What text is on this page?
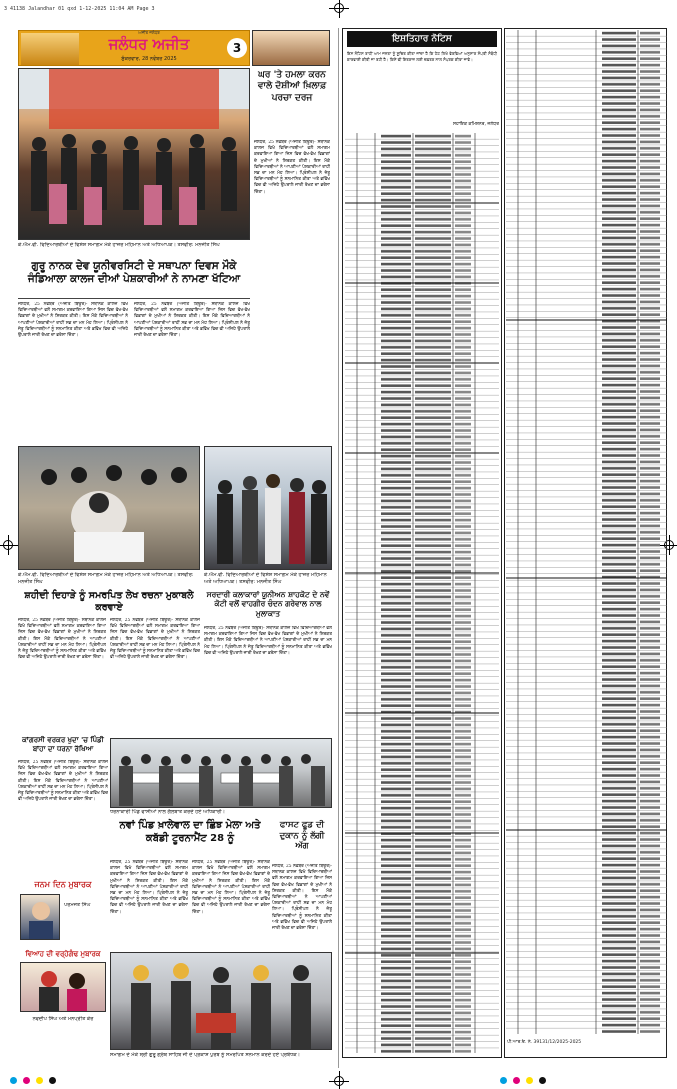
3 41138 Jalandhar 01 qxd 1-12-2025 11:04 AM Page 3
ਜਲੰਧਰ ਅਜੀਤ
ਸ਼ੁੱਕਰਵਾਰ, 28 ਨਵੰਬਰ 2025
ਅਜੀਤ ਜਲੰਧਰ
3
ਕੇ.ਐਮ.ਵੀ. ਵਿਦਿਆਰਥੀਆਂ ਦੇ ਵਿਸ਼ੇਸ਼ ਸਮਾਗਮ ਮੌਕੇ ਹਾਜ਼ਰ ਮਹਿਮਾਨ ਅਤੇ ਅਧਿਆਪਕ। ਤਸਵੀਰ: ਮਨਜੀਤ ਸਿੰਘ
ਘਰ 'ਤੇ ਹਮਲਾ ਕਰਨ ਵਾਲੇ ਦੋਸ਼ੀਆਂ ਖ਼ਿਲਾਫ਼ ਪਰਚਾ ਦਰਜ
ਜਲੰਧਰ, 25 ਨਵੰਬਰ (ਅਜੀਤ ਬਿਊਰੋ)- ਸਥਾਨਕ ਕਾਲਜ ਵਿਖੇ ਵਿਦਿਆਰਥੀਆਂ ਵਲੋਂ ਸਮਾਗਮ ਕਰਵਾਇਆ ਗਿਆ ਜਿਸ ਵਿਚ ਵੱਖ-ਵੱਖ ਵਿਭਾਗਾਂ ਦੇ ਮੁਖੀਆਂ ਨੇ ਸ਼ਿਰਕਤ ਕੀਤੀ। ਇਸ ਮੌਕੇ ਵਿਦਿਆਰਥੀਆਂ ਨੇ ਆਪਣੀਆਂ ਪੇਸ਼ਕਾਰੀਆਂ ਰਾਹੀਂ ਸਭ ਦਾ ਮਨ ਮੋਹ ਲਿਆ। ਪ੍ਰਿੰਸੀਪਲ ਨੇ ਜੇਤੂ ਵਿਦਿਆਰਥੀਆਂ ਨੂੰ ਸਨਮਾਨਿਤ ਕੀਤਾ ਅਤੇ ਭਵਿੱਖ ਵਿਚ ਵੀ ਅਜਿਹੇ ਉਪਰਾਲੇ ਜਾਰੀ ਰੱਖਣ ਦਾ ਭਰੋਸਾ ਦਿੱਤਾ।
ਗੁਰੂ ਨਾਨਕ ਦੇਵ ਯੂਨੀਵਰਸਿਟੀ ਦੇ ਸਥਾਪਨਾ ਦਿਵਸ ਮੌਕੇ ਜੰਡਿਆਲਾ ਕਾਲਜ ਦੀਆਂ ਪੇਸ਼ਕਾਰੀਆਂ ਨੇ ਨਾਮਣਾ ਖੱਟਿਆ
ਜਲੰਧਰ, 25 ਨਵੰਬਰ (ਅਜੀਤ ਬਿਊਰੋ)- ਸਥਾਨਕ ਕਾਲਜ ਵਿਖੇ ਵਿਦਿਆਰਥੀਆਂ ਵਲੋਂ ਸਮਾਗਮ ਕਰਵਾਇਆ ਗਿਆ ਜਿਸ ਵਿਚ ਵੱਖ-ਵੱਖ ਵਿਭਾਗਾਂ ਦੇ ਮੁਖੀਆਂ ਨੇ ਸ਼ਿਰਕਤ ਕੀਤੀ। ਇਸ ਮੌਕੇ ਵਿਦਿਆਰਥੀਆਂ ਨੇ ਆਪਣੀਆਂ ਪੇਸ਼ਕਾਰੀਆਂ ਰਾਹੀਂ ਸਭ ਦਾ ਮਨ ਮੋਹ ਲਿਆ। ਪ੍ਰਿੰਸੀਪਲ ਨੇ ਜੇਤੂ ਵਿਦਿਆਰਥੀਆਂ ਨੂੰ ਸਨਮਾਨਿਤ ਕੀਤਾ ਅਤੇ ਭਵਿੱਖ ਵਿਚ ਵੀ ਅਜਿਹੇ ਉਪਰਾਲੇ ਜਾਰੀ ਰੱਖਣ ਦਾ ਭਰੋਸਾ ਦਿੱਤਾ।
ਜਲੰਧਰ, 25 ਨਵੰਬਰ (ਅਜੀਤ ਬਿਊਰੋ)- ਸਥਾਨਕ ਕਾਲਜ ਵਿਖੇ ਵਿਦਿਆਰਥੀਆਂ ਵਲੋਂ ਸਮਾਗਮ ਕਰਵਾਇਆ ਗਿਆ ਜਿਸ ਵਿਚ ਵੱਖ-ਵੱਖ ਵਿਭਾਗਾਂ ਦੇ ਮੁਖੀਆਂ ਨੇ ਸ਼ਿਰਕਤ ਕੀਤੀ। ਇਸ ਮੌਕੇ ਵਿਦਿਆਰਥੀਆਂ ਨੇ ਆਪਣੀਆਂ ਪੇਸ਼ਕਾਰੀਆਂ ਰਾਹੀਂ ਸਭ ਦਾ ਮਨ ਮੋਹ ਲਿਆ। ਪ੍ਰਿੰਸੀਪਲ ਨੇ ਜੇਤੂ ਵਿਦਿਆਰਥੀਆਂ ਨੂੰ ਸਨਮਾਨਿਤ ਕੀਤਾ ਅਤੇ ਭਵਿੱਖ ਵਿਚ ਵੀ ਅਜਿਹੇ ਉਪਰਾਲੇ ਜਾਰੀ ਰੱਖਣ ਦਾ ਭਰੋਸਾ ਦਿੱਤਾ।
ਕੇ.ਐਮ.ਵੀ. ਵਿਦਿਆਰਥੀਆਂ ਦੇ ਵਿਸ਼ੇਸ਼ ਸਮਾਗਮ ਮੌਕੇ ਹਾਜ਼ਰ ਮਹਿਮਾਨ ਅਤੇ ਅਧਿਆਪਕ। ਤਸਵੀਰ: ਮਨਜੀਤ ਸਿੰਘ
ਕੇ.ਐਮ.ਵੀ. ਵਿਦਿਆਰਥੀਆਂ ਦੇ ਵਿਸ਼ੇਸ਼ ਸਮਾਗਮ ਮੌਕੇ ਹਾਜ਼ਰ ਮਹਿਮਾਨ ਅਤੇ ਅਧਿਆਪਕ। ਤਸਵੀਰ: ਮਨਜੀਤ ਸਿੰਘ
ਸ਼ਹੀਦੀ ਦਿਹਾੜੇ ਨੂੰ ਸਮਰਪਿਤ ਲੇਖ ਰਚਨਾ ਮੁਕਾਬਲੇ ਕਰਵਾਏ
ਜਲੰਧਰ, 25 ਨਵੰਬਰ (ਅਜੀਤ ਬਿਊਰੋ)- ਸਥਾਨਕ ਕਾਲਜ ਵਿਖੇ ਵਿਦਿਆਰਥੀਆਂ ਵਲੋਂ ਸਮਾਗਮ ਕਰਵਾਇਆ ਗਿਆ ਜਿਸ ਵਿਚ ਵੱਖ-ਵੱਖ ਵਿਭਾਗਾਂ ਦੇ ਮੁਖੀਆਂ ਨੇ ਸ਼ਿਰਕਤ ਕੀਤੀ। ਇਸ ਮੌਕੇ ਵਿਦਿਆਰਥੀਆਂ ਨੇ ਆਪਣੀਆਂ ਪੇਸ਼ਕਾਰੀਆਂ ਰਾਹੀਂ ਸਭ ਦਾ ਮਨ ਮੋਹ ਲਿਆ। ਪ੍ਰਿੰਸੀਪਲ ਨੇ ਜੇਤੂ ਵਿਦਿਆਰਥੀਆਂ ਨੂੰ ਸਨਮਾਨਿਤ ਕੀਤਾ ਅਤੇ ਭਵਿੱਖ ਵਿਚ ਵੀ ਅਜਿਹੇ ਉਪਰਾਲੇ ਜਾਰੀ ਰੱਖਣ ਦਾ ਭਰੋਸਾ ਦਿੱਤਾ।
ਜਲੰਧਰ, 25 ਨਵੰਬਰ (ਅਜੀਤ ਬਿਊਰੋ)- ਸਥਾਨਕ ਕਾਲਜ ਵਿਖੇ ਵਿਦਿਆਰਥੀਆਂ ਵਲੋਂ ਸਮਾਗਮ ਕਰਵਾਇਆ ਗਿਆ ਜਿਸ ਵਿਚ ਵੱਖ-ਵੱਖ ਵਿਭਾਗਾਂ ਦੇ ਮੁਖੀਆਂ ਨੇ ਸ਼ਿਰਕਤ ਕੀਤੀ। ਇਸ ਮੌਕੇ ਵਿਦਿਆਰਥੀਆਂ ਨੇ ਆਪਣੀਆਂ ਪੇਸ਼ਕਾਰੀਆਂ ਰਾਹੀਂ ਸਭ ਦਾ ਮਨ ਮੋਹ ਲਿਆ। ਪ੍ਰਿੰਸੀਪਲ ਨੇ ਜੇਤੂ ਵਿਦਿਆਰਥੀਆਂ ਨੂੰ ਸਨਮਾਨਿਤ ਕੀਤਾ ਅਤੇ ਭਵਿੱਖ ਵਿਚ ਵੀ ਅਜਿਹੇ ਉਪਰਾਲੇ ਜਾਰੀ ਰੱਖਣ ਦਾ ਭਰੋਸਾ ਦਿੱਤਾ।
ਸਰਦਾਰੀ ਕਲਾਕਾਰਾਂ ਯੂਨੀਅਨ ਸ਼ਾਹਕੋਟ ਦੇ ਨਵੇਂ ਕੋਟੀ ਵਲੋਂ ਵਾਹਗੀਰ ਚੰਦਨ ਗਰੇਵਾਲ ਨਾਲ ਮੁਲਾਕਾਤ
ਜਲੰਧਰ, 25 ਨਵੰਬਰ (ਅਜੀਤ ਬਿਊਰੋ)- ਸਥਾਨਕ ਕਾਲਜ ਵਿਖੇ ਵਿਦਿਆਰਥੀਆਂ ਵਲੋਂ ਸਮਾਗਮ ਕਰਵਾਇਆ ਗਿਆ ਜਿਸ ਵਿਚ ਵੱਖ-ਵੱਖ ਵਿਭਾਗਾਂ ਦੇ ਮੁਖੀਆਂ ਨੇ ਸ਼ਿਰਕਤ ਕੀਤੀ। ਇਸ ਮੌਕੇ ਵਿਦਿਆਰਥੀਆਂ ਨੇ ਆਪਣੀਆਂ ਪੇਸ਼ਕਾਰੀਆਂ ਰਾਹੀਂ ਸਭ ਦਾ ਮਨ ਮੋਹ ਲਿਆ। ਪ੍ਰਿੰਸੀਪਲ ਨੇ ਜੇਤੂ ਵਿਦਿਆਰਥੀਆਂ ਨੂੰ ਸਨਮਾਨਿਤ ਕੀਤਾ ਅਤੇ ਭਵਿੱਖ ਵਿਚ ਵੀ ਅਜਿਹੇ ਉਪਰਾਲੇ ਜਾਰੀ ਰੱਖਣ ਦਾ ਭਰੋਸਾ ਦਿੱਤਾ।
ਕਾਂਗਰਸੀ ਵਰਕਰ ਖੁਦਾ 'ਚ ਪਿੰਡੀ ਬਾਂਹਾ ਦਾ ਧਰਨਾ ਰੱਖਿਆ
ਜਲੰਧਰ, 25 ਨਵੰਬਰ (ਅਜੀਤ ਬਿਊਰੋ)- ਸਥਾਨਕ ਕਾਲਜ ਵਿਖੇ ਵਿਦਿਆਰਥੀਆਂ ਵਲੋਂ ਸਮਾਗਮ ਕਰਵਾਇਆ ਗਿਆ ਜਿਸ ਵਿਚ ਵੱਖ-ਵੱਖ ਵਿਭਾਗਾਂ ਦੇ ਮੁਖੀਆਂ ਨੇ ਸ਼ਿਰਕਤ ਕੀਤੀ। ਇਸ ਮੌਕੇ ਵਿਦਿਆਰਥੀਆਂ ਨੇ ਆਪਣੀਆਂ ਪੇਸ਼ਕਾਰੀਆਂ ਰਾਹੀਂ ਸਭ ਦਾ ਮਨ ਮੋਹ ਲਿਆ। ਪ੍ਰਿੰਸੀਪਲ ਨੇ ਜੇਤੂ ਵਿਦਿਆਰਥੀਆਂ ਨੂੰ ਸਨਮਾਨਿਤ ਕੀਤਾ ਅਤੇ ਭਵਿੱਖ ਵਿਚ ਵੀ ਅਜਿਹੇ ਉਪਰਾਲੇ ਜਾਰੀ ਰੱਖਣ ਦਾ ਭਰੋਸਾ ਦਿੱਤਾ।
ਧਰਨਾਕਾਰੀ ਪਿੰਡ ਵਾਸੀਆਂ ਨਾਲ ਗੱਲਬਾਤ ਕਰਦੇ ਹੋਏ ਅਧਿਕਾਰੀ।
ਨਵਾਂ ਪਿੰਡ ਖ਼ਾਲੇਵਾਲ ਦਾ ਛਿੰਝ ਮੇਲਾ ਅਤੇ ਕਬੱਡੀ ਟੂਰਨਾਮੈਂਟ 28 ਨੂੰ
ਫਾਸਟ ਫੂਡ ਦੀ ਦੁਕਾਨ ਨੂੰ ਲੱਗੀ ਅੱਗ
ਜਲੰਧਰ, 25 ਨਵੰਬਰ (ਅਜੀਤ ਬਿਊਰੋ)- ਸਥਾਨਕ ਕਾਲਜ ਵਿਖੇ ਵਿਦਿਆਰਥੀਆਂ ਵਲੋਂ ਸਮਾਗਮ ਕਰਵਾਇਆ ਗਿਆ ਜਿਸ ਵਿਚ ਵੱਖ-ਵੱਖ ਵਿਭਾਗਾਂ ਦੇ ਮੁਖੀਆਂ ਨੇ ਸ਼ਿਰਕਤ ਕੀਤੀ। ਇਸ ਮੌਕੇ ਵਿਦਿਆਰਥੀਆਂ ਨੇ ਆਪਣੀਆਂ ਪੇਸ਼ਕਾਰੀਆਂ ਰਾਹੀਂ ਸਭ ਦਾ ਮਨ ਮੋਹ ਲਿਆ। ਪ੍ਰਿੰਸੀਪਲ ਨੇ ਜੇਤੂ ਵਿਦਿਆਰਥੀਆਂ ਨੂੰ ਸਨਮਾਨਿਤ ਕੀਤਾ ਅਤੇ ਭਵਿੱਖ ਵਿਚ ਵੀ ਅਜਿਹੇ ਉਪਰਾਲੇ ਜਾਰੀ ਰੱਖਣ ਦਾ ਭਰੋਸਾ ਦਿੱਤਾ।
ਜਲੰਧਰ, 25 ਨਵੰਬਰ (ਅਜੀਤ ਬਿਊਰੋ)- ਸਥਾਨਕ ਕਾਲਜ ਵਿਖੇ ਵਿਦਿਆਰਥੀਆਂ ਵਲੋਂ ਸਮਾਗਮ ਕਰਵਾਇਆ ਗਿਆ ਜਿਸ ਵਿਚ ਵੱਖ-ਵੱਖ ਵਿਭਾਗਾਂ ਦੇ ਮੁਖੀਆਂ ਨੇ ਸ਼ਿਰਕਤ ਕੀਤੀ। ਇਸ ਮੌਕੇ ਵਿਦਿਆਰਥੀਆਂ ਨੇ ਆਪਣੀਆਂ ਪੇਸ਼ਕਾਰੀਆਂ ਰਾਹੀਂ ਸਭ ਦਾ ਮਨ ਮੋਹ ਲਿਆ। ਪ੍ਰਿੰਸੀਪਲ ਨੇ ਜੇਤੂ ਵਿਦਿਆਰਥੀਆਂ ਨੂੰ ਸਨਮਾਨਿਤ ਕੀਤਾ ਅਤੇ ਭਵਿੱਖ ਵਿਚ ਵੀ ਅਜਿਹੇ ਉਪਰਾਲੇ ਜਾਰੀ ਰੱਖਣ ਦਾ ਭਰੋਸਾ ਦਿੱਤਾ।
ਜਲੰਧਰ, 25 ਨਵੰਬਰ (ਅਜੀਤ ਬਿਊਰੋ)- ਸਥਾਨਕ ਕਾਲਜ ਵਿਖੇ ਵਿਦਿਆਰਥੀਆਂ ਵਲੋਂ ਸਮਾਗਮ ਕਰਵਾਇਆ ਗਿਆ ਜਿਸ ਵਿਚ ਵੱਖ-ਵੱਖ ਵਿਭਾਗਾਂ ਦੇ ਮੁਖੀਆਂ ਨੇ ਸ਼ਿਰਕਤ ਕੀਤੀ। ਇਸ ਮੌਕੇ ਵਿਦਿਆਰਥੀਆਂ ਨੇ ਆਪਣੀਆਂ ਪੇਸ਼ਕਾਰੀਆਂ ਰਾਹੀਂ ਸਭ ਦਾ ਮਨ ਮੋਹ ਲਿਆ। ਪ੍ਰਿੰਸੀਪਲ ਨੇ ਜੇਤੂ ਵਿਦਿਆਰਥੀਆਂ ਨੂੰ ਸਨਮਾਨਿਤ ਕੀਤਾ ਅਤੇ ਭਵਿੱਖ ਵਿਚ ਵੀ ਅਜਿਹੇ ਉਪਰਾਲੇ ਜਾਰੀ ਰੱਖਣ ਦਾ ਭਰੋਸਾ ਦਿੱਤਾ।
ਜਨਮ ਦਿਨ ਮੁਬਾਰਕ
ਪਰਮਜੋਤ ਸਿੰਘ
ਵਿਆਹ ਦੀ ਵਰ੍ਹੇਗੰਢ ਮੁਬਾਰਕ
ਨਵਦੀਪ ਸਿੰਘ ਅਤੇ ਮਨਪ੍ਰੀਤ ਕੌਰ
ਸਮਾਗਮ ਦੇ ਮੌਕੇ ਸ਼੍ਰੀ ਗੁਰੂ ਗ੍ਰੰਥ ਸਾਹਿਬ ਜੀ ਦੇ ਪ੍ਰਕਾਸ਼ ਪੁਰਬ ਨੂੰ ਸਮਰਪਿਤ ਸਨਮਾਨ ਕਰਦੇ ਹੋਏ ਪ੍ਰਬੰਧਕ।
ਇਸ਼ਤਿਹਾਰ ਨੋਟਿਸ
ਇਸ ਨੋਟਿਸ ਰਾਹੀਂ ਆਮ ਜਨਤਾ ਨੂੰ ਸੂਚਿਤ ਕੀਤਾ ਜਾਂਦਾ ਹੈ ਕਿ ਹੇਠ ਲਿਖੇ ਵੇਰਵਿਆਂ ਅਨੁਸਾਰ ਸੰਪਤੀ ਸੰਬੰਧੀ ਕਾਰਵਾਈ ਕੀਤੀ ਜਾ ਰਹੀ ਹੈ। ਕਿਸੇ ਵੀ ਇਤਰਾਜ਼ ਲਈ ਦਫ਼ਤਰ ਨਾਲ ਸੰਪਰਕ ਕੀਤਾ ਜਾਵੇ।
ਸਹਾਇਕ ਕਮਿਸ਼ਨਰ, ਜਲੰਧਰ
ਪੀ.ਆਰ.ਓ. ਨੰ. 39131/12/2025-2025
